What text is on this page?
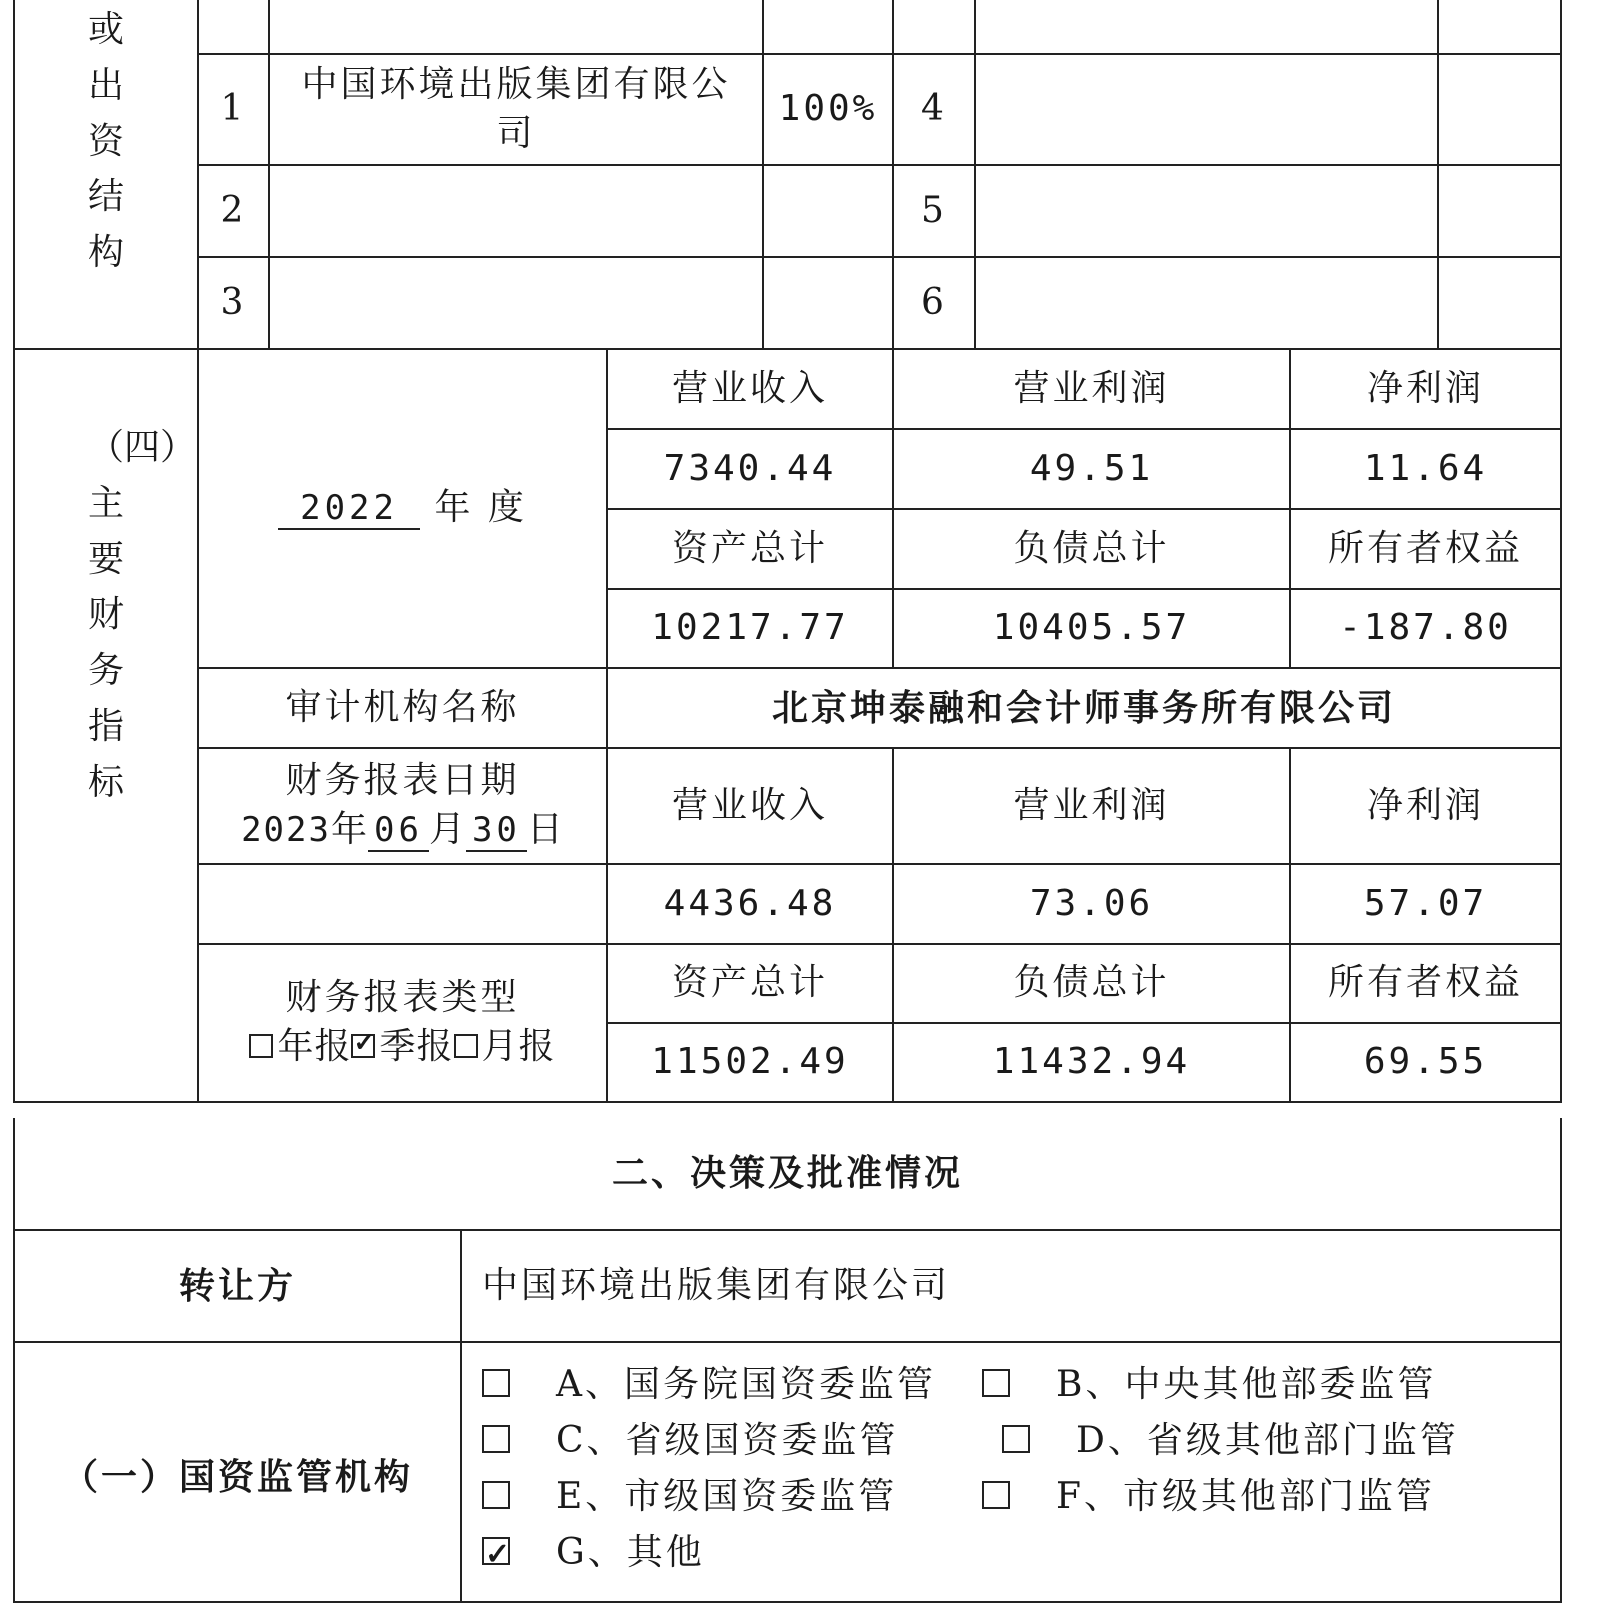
或出资结构						
	1	中国环境出版集团有限公司		100%	4			
	2				5			
	3				6			
（四）主要财务指标	2022 年 度		营业收入		营业利润		净利润	
			7340.44		49.51		11.64	
			资产总计		负债总计		所有者权益	
			10217.77		10405.57		-187.80	
	审计机构名称		北京坤泰融和会计师事务所有限公司					

	财务报表日期
2023年 06 月 30 日		营业收入		营业利润		净利润	
			4436.48		73.06		57.07	

	财务报表类型
年报 ✓ 季报 月报		资产总计		负债总计		所有者权益	
			11502.49		11432.94		69.55	
二、决策及批准情况	
转让方	中国环境出版集团有限公司
（一）国资监管机构	A、国务院国资委监管 B、中央其他部委监管
C、省级国资委监管 D、省级其他部门监管
E、市级国资委监管 F、市级其他部门监管
✓G、其他
